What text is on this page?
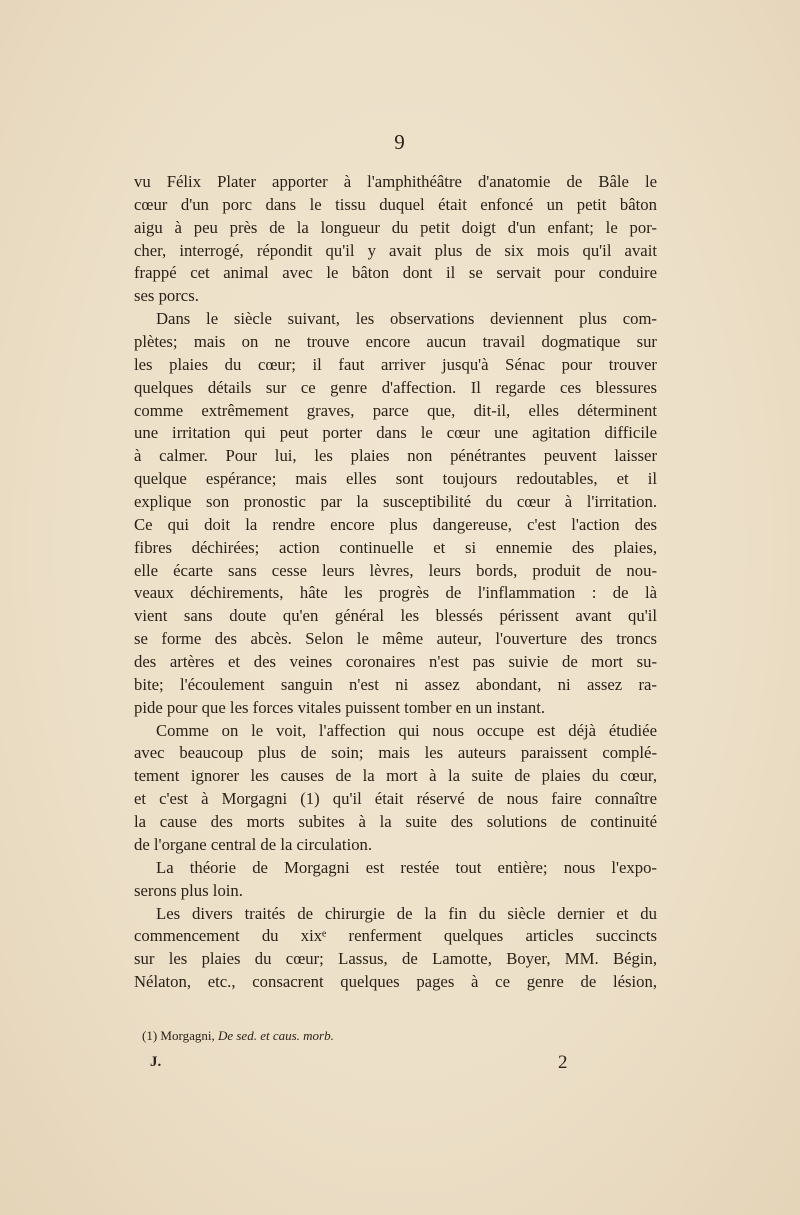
9
vu Félix Plater apporter à l'amphithéâtre d'anatomie de Bâle le
cœur d'un porc dans le tissu duquel était enfoncé un petit bâton
aigu à peu près de la longueur du petit doigt d'un enfant; le por-
cher, interrogé, répondit qu'il y avait plus de six mois qu'il avait
frappé cet animal avec le bâton dont il se servait pour conduire
ses porcs.
Dans le siècle suivant, les observations deviennent plus com-
plètes; mais on ne trouve encore aucun travail dogmatique sur
les plaies du cœur; il faut arriver jusqu'à Sénac pour trouver
quelques détails sur ce genre d'affection. Il regarde ces blessures
comme extrêmement graves, parce que, dit-il, elles déterminent
une irritation qui peut porter dans le cœur une agitation difficile
à calmer. Pour lui, les plaies non pénétrantes peuvent laisser
quelque espérance; mais elles sont toujours redoutables, et il
explique son pronostic par la susceptibilité du cœur à l'irritation.
Ce qui doit la rendre encore plus dangereuse, c'est l'action des
fibres déchirées; action continuelle et si ennemie des plaies,
elle écarte sans cesse leurs lèvres, leurs bords, produit de nou-
veaux déchirements, hâte les progrès de l'inflammation : de là
vient sans doute qu'en général les blessés périssent avant qu'il
se forme des abcès. Selon le même auteur, l'ouverture des troncs
des artères et des veines coronaires n'est pas suivie de mort su-
bite; l'écoulement sanguin n'est ni assez abondant, ni assez ra-
pide pour que les forces vitales puissent tomber en un instant.
Comme on le voit, l'affection qui nous occupe est déjà étudiée
avec beaucoup plus de soin; mais les auteurs paraissent complé-
tement ignorer les causes de la mort à la suite de plaies du cœur,
et c'est à Morgagni (1) qu'il était réservé de nous faire connaître
la cause des morts subites à la suite des solutions de continuité
de l'organe central de la circulation.
La théorie de Morgagni est restée tout entière; nous l'expo-
serons plus loin.
Les divers traités de chirurgie de la fin du siècle dernier et du
commencement du xixᵉ renferment quelques articles succincts
sur les plaies du cœur; Lassus, de Lamotte, Boyer, MM. Bégin,
Nélaton, etc., consacrent quelques pages à ce genre de lésion,
(1) Morgagni, De sed. et caus. morb.
J.	2
